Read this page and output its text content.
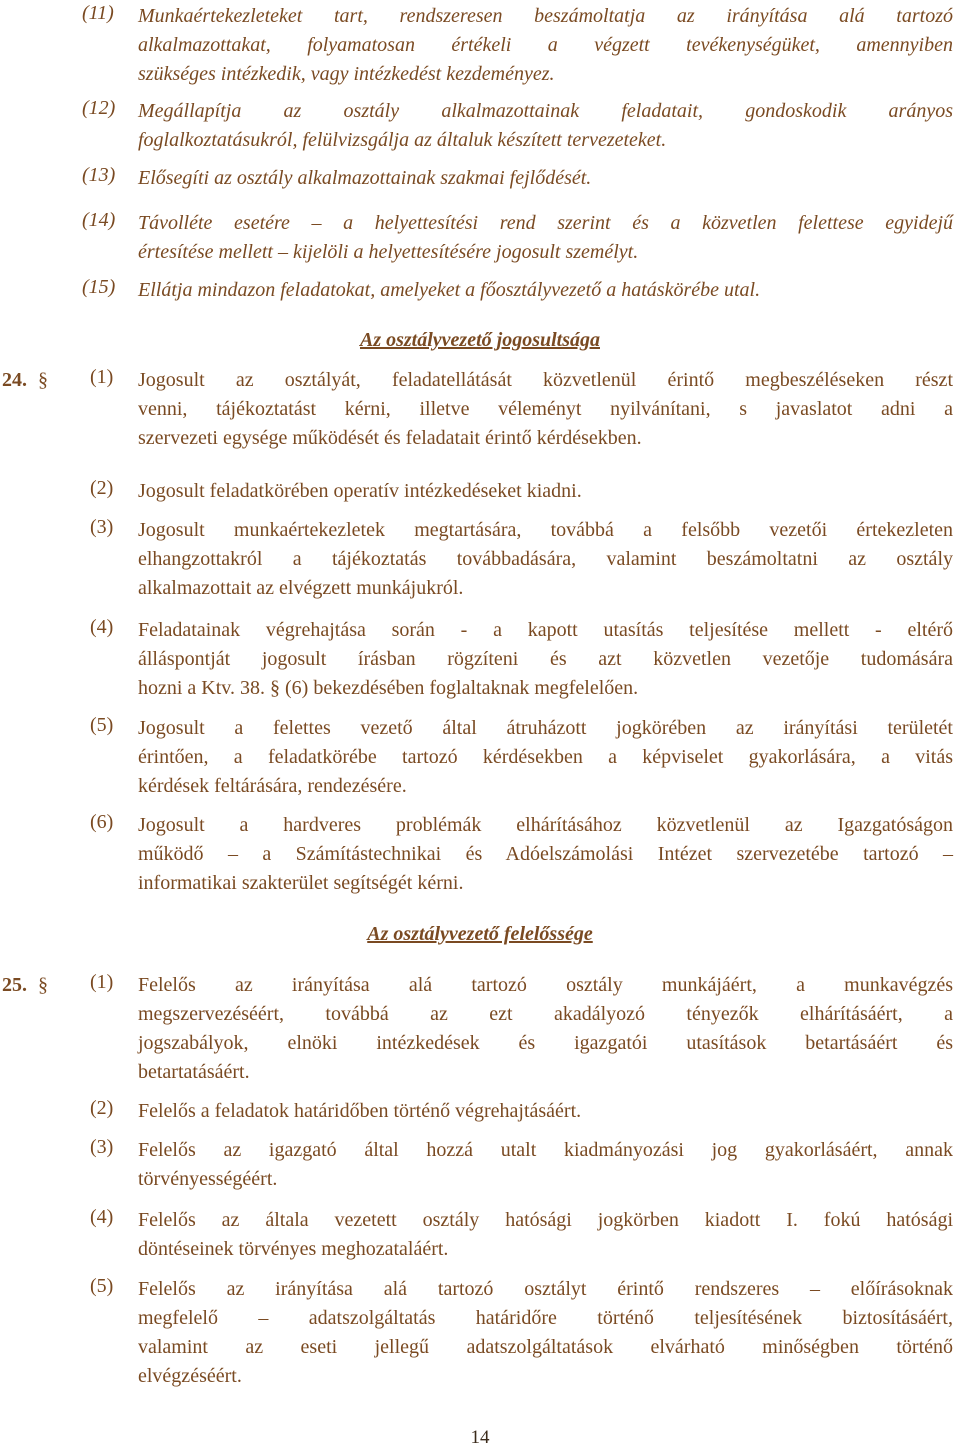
(11) Munkaértekezleteket tart, rendszeresen beszámoltatja az irányítása alá tartozó
alkalmazottakat, folyamatosan értékeli a végzett tevékenységüket, amennyiben
szükséges intézkedik, vagy intézkedést kezdeményez.
(12) Megállapítja az osztály alkalmazottainak feladatait, gondoskodik arányos
foglalkoztatásukról, felülvizsgálja az általuk készített tervezeteket.
(13) Elősegíti az osztály alkalmazottainak szakmai fejlődését.
(14) Távolléte esetére – a helyettesítési rend szerint és a közvetlen felettese egyidejű
értesítése mellett – kijelöli a helyettesítésére jogosult személyt.
(15) Ellátja mindazon feladatokat, amelyeket a főosztályvezető a hatáskörébe utal.
Az osztályvezető jogosultsága
24. § (1) Jogosult az osztályát, feladatellátását közvetlenül érintő megbeszéléseken részt
venni, tájékoztatást kérni, illetve véleményt nyilvánítani, s javaslatot adni a
szervezeti egysége működését és feladatait érintő kérdésekben.
(2) Jogosult feladatkörében operatív intézkedéseket kiadni.
(3) Jogosult munkaértekezletek megtartására, továbbá a felsőbb vezetői értekezleten
elhangzottakról a tájékoztatás továbbadására, valamint beszámoltatni az osztály
alkalmazottait az elvégzett munkájukról.
(4) Feladatainak végrehajtása során - a kapott utasítás teljesítése mellett - eltérő
álláspontját jogosult írásban rögzíteni és azt közvetlen vezetője tudomására
hozni a Ktv. 38. § (6) bekezdésében foglaltaknak megfelelően.
(5) Jogosult a felettes vezető által átruházott jogkörében az irányítási területét
érintően, a feladatkörébe tartozó kérdésekben a képviselet gyakorlására, a vitás
kérdések feltárására, rendezésére.
(6) Jogosult a hardveres problémák elhárításához közvetlenül az Igazgatóságon
működő – a Számítástechnikai és Adóelszámolási Intézet szervezetébe tartozó –
informatikai szakterület segítségét kérni.
Az osztályvezető felelőssége
25. § (1) Felelős az irányítása alá tartozó osztály munkájáért, a munkavégzés
megszervezéséért, továbbá az ezt akadályozó tényezők elhárításáért, a
jogszabályok, elnöki intézkedések és igazgatói utasítások betartásáért és
betartatásáért.
(2) Felelős a feladatok határidőben történő végrehajtásáért.
(3) Felelős az igazgató által hozzá utalt kiadmányozási jog gyakorlásáért, annak
törvényességéért.
(4) Felelős az általa vezetett osztály hatósági jogkörben kiadott I. fokú hatósági
döntéseinek törvényes meghozataláért.
(5) Felelős az irányítása alá tartozó osztályt érintő rendszeres – előírásoknak
megfelelő – adatszolgáltatás határidőre történő teljesítésének biztosításáért,
valamint az eseti jellegű adatszolgáltatások elvárható minőségben történő
elvégzéséért.
14
